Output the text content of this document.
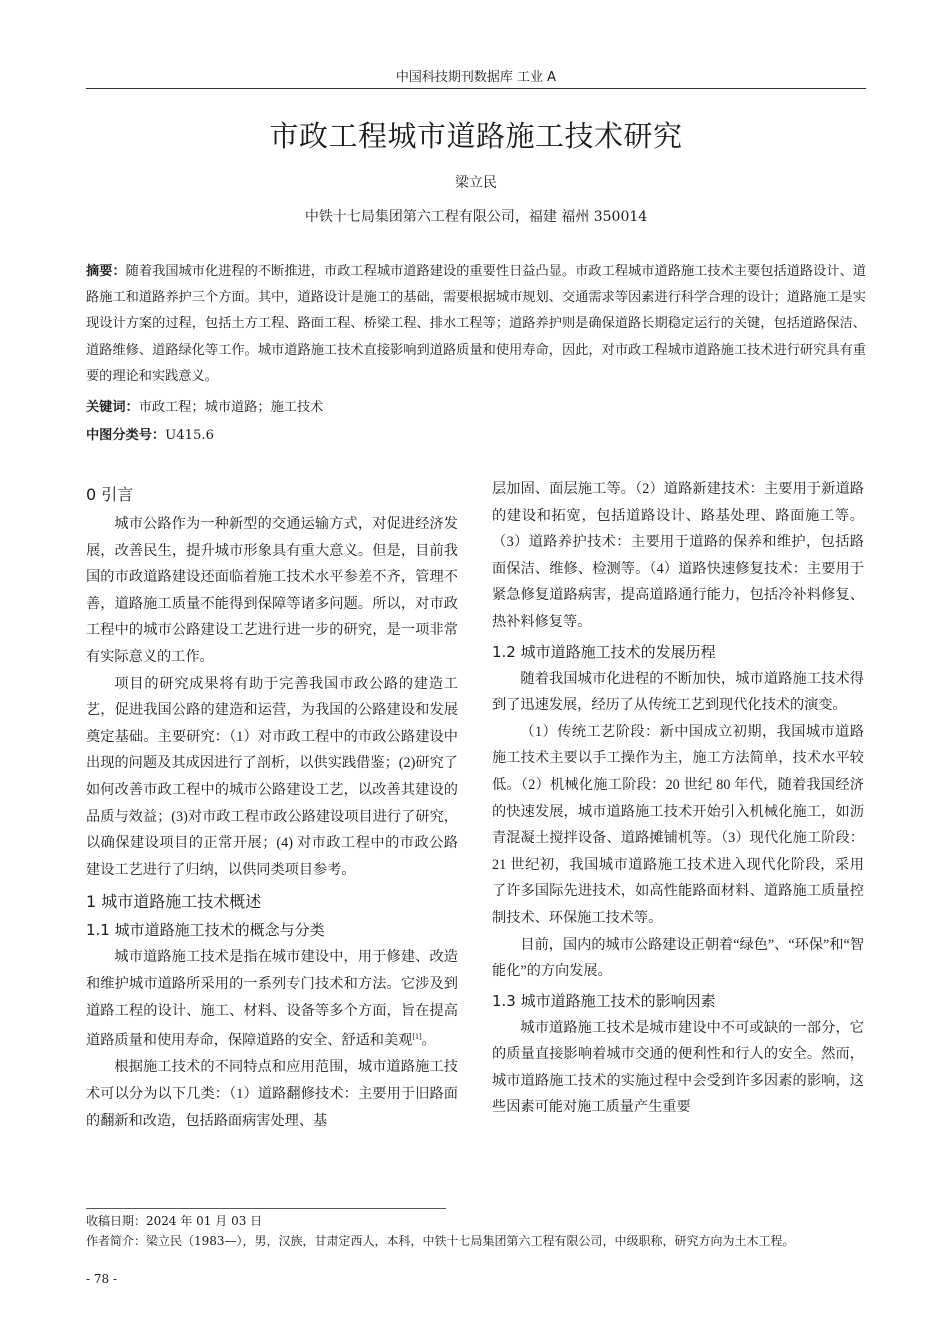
中国科技期刊数据库 工业 A
市政工程城市道路施工技术研究
梁立民
中铁十七局集团第六工程有限公司，福建 福州 350014
摘要：随着我国城市化进程的不断推进，市政工程城市道路建设的重要性日益凸显。市政工程城市道路施工技术主要包括道路设计、道路施工和道路养护三个方面。其中，道路设计是施工的基础，需要根据城市规划、交通需求等因素进行科学合理的设计；道路施工是实现设计方案的过程，包括土方工程、路面工程、桥梁工程、排水工程等；道路养护则是确保道路长期稳定运行的关键，包括道路保洁、道路维修、道路绿化等工作。城市道路施工技术直接影响到道路质量和使用寿命，因此，对市政工程城市道路施工技术进行研究具有重要的理论和实践意义。
关键词：市政工程；城市道路；施工技术
中图分类号：U415.6
0 引言

城市公路作为一种新型的交通运输方式，对促进经济发展，改善民生，提升城市形象具有重大意义。但是，目前我国的市政道路建设还面临着施工技术水平参差不齐，管理不善，道路施工质量不能得到保障等诸多问题。所以，对市政工程中的城市公路建设工艺进行进一步的研究，是一项非常有实际意义的工作。

项目的研究成果将有助于完善我国市政公路的建造工艺，促进我国公路的建造和运营，为我国的公路建设和发展奠定基础。主要研究：（1）对市政工程中的市政公路建设中出现的问题及其成因进行了剖析，以供实践借鉴；(2)研究了如何改善市政工程中的城市公路建设工艺，以改善其建设的品质与效益；(3)对市政工程市政公路建设项目进行了研究，以确保建设项目的正常开展；(4) 对市政工程中的市政公路建设工艺进行了归纳，以供同类项目参考。

1 城市道路施工技术概述
1.1 城市道路施工技术的概念与分类

城市道路施工技术是指在城市建设中，用于修建、改造和维护城市道路所采用的一系列专门技术和方法。它涉及到道路工程的设计、施工、材料、设备等多个方面，旨在提高道路质量和使用寿命，保障道路的安全、舒适和美观[1]。

根据施工技术的不同特点和应用范围，城市道路施工技术可以分为以下几类：（1）道路翻修技术：主要用于旧路面的翻新和改造，包括路面病害处理、基

层加固、面层施工等。（2）道路新建技术：主要用于新道路的建设和拓宽，包括道路设计、路基处理、路面施工等。（3）道路养护技术：主要用于道路的保养和维护，包括路面保洁、维修、检测等。（4）道路快速修复技术：主要用于紧急修复道路病害，提高道路通行能力，包括冷补料修复、热补料修复等。

1.2 城市道路施工技术的发展历程

随着我国城市化进程的不断加快，城市道路施工技术得到了迅速发展，经历了从传统工艺到现代化技术的演变。

（1）传统工艺阶段：新中国成立初期，我国城市道路施工技术主要以手工操作为主，施工方法简单，技术水平较低。（2）机械化施工阶段：20 世纪 80 年代，随着我国经济的快速发展，城市道路施工技术开始引入机械化施工，如沥青混凝土搅拌设备、道路摊铺机等。（3）现代化施工阶段：21 世纪初，我国城市道路施工技术进入现代化阶段，采用了许多国际先进技术，如高性能路面材料、道路施工质量控制技术、环保施工技术等。

目前，国内的城市公路建设正朝着“绿色”、“环保”和“智能化”的方向发展。

1.3 城市道路施工技术的影响因素

城市道路施工技术是城市建设中不可或缺的一部分，它的质量直接影响着城市交通的便利性和行人的安全。然而，城市道路施工技术的实施过程中会受到许多因素的影响，这些因素可能对施工质量产生重要

收稿日期：2024 年 01 月 03 日
作者简介：梁立民（1983—），男，汉族，甘肃定西人，本科，中铁十七局集团第六工程有限公司，中级职称，研究方向为土木工程。
- 78 -
